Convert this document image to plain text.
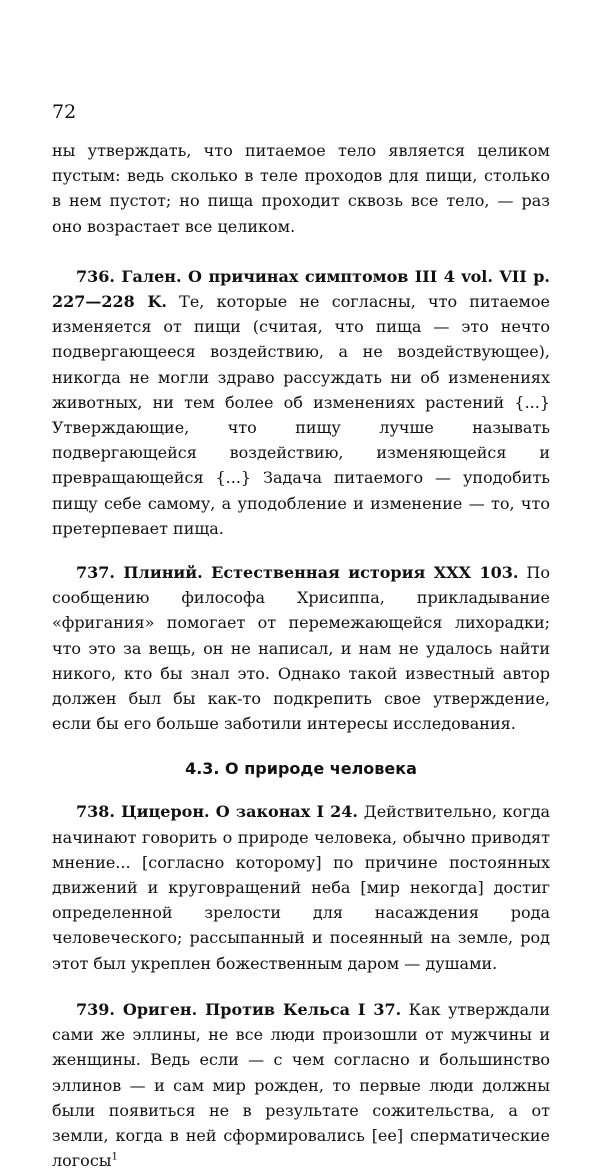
72

ны утверждать, что питаемое тело является целиком пустым: ведь сколько в теле проходов для пищи, столько в нем пустот; но пища проходит сквозь все тело, — раз оно возрастает все целиком.

736. Гален. О причинах симптомов III 4 vol. VII p. 227—228 K. Те, которые не согласны, что питаемое изменяется от пищи (считая, что пища — это нечто подвергающееся воздействию, а не воздействующее), никогда не могли здраво рассуждать ни об изменениях животных, ни тем более об изменениях растений {...} Утверждающие, что пищу лучше называть подвергающейся воздействию, изменяющейся и превращающейся {...} Задача питаемого — уподобить пищу себе самому, а уподобление и изменение — то, что претерпевает пища.

737. Плиний. Естественная история XXX 103. По сообщению философа Хрисиппа, прикладывание «фригания» помогает от перемежающейся лихорадки; что это за вещь, он не написал, и нам не удалось найти никого, кто бы знал это. Однако такой известный автор должен был бы как-то подкрепить свое утверждение, если бы его больше заботили интересы исследования.

4.3. О природе человека

738. Цицерон. О законах I 24. Действительно, когда начинают говорить о природе человека, обычно приводят мнение... [согласно которому] по причине постоянных движений и круговращений неба [мир некогда] достиг определенной зрелости для насаждения рода человеческого; рассыпанный и посеянный на земле, род этот был укреплен божественным даром — душами.

739. Ориген. Против Кельса I 37. Как утверждали сами же эллины, не все люди произошли от мужчины и женщины. Ведь если — с чем согласно и большинство эллинов — и сам мир рожден, то первые люди должны были появиться не в результате сожительства, а от земли, когда в ней сформировались [ее] сперматические логосы$^1$
